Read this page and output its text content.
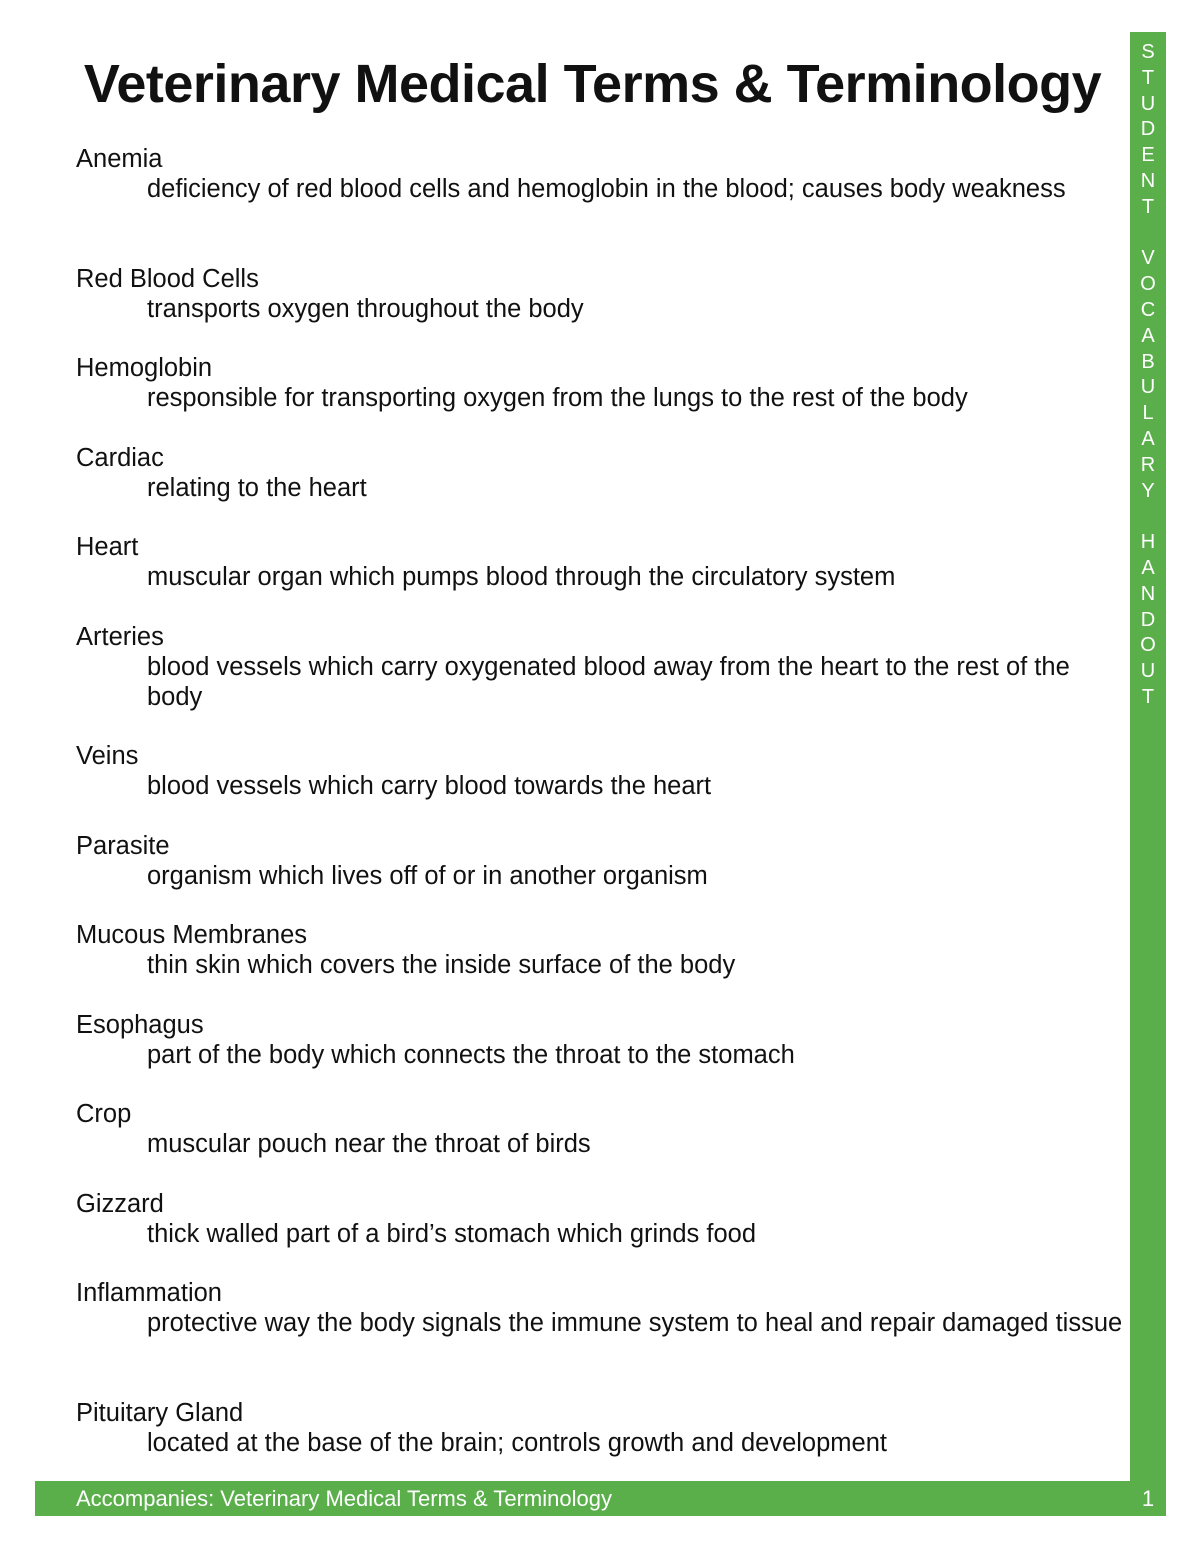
Veterinary Medical Terms & Terminology
Anemia
deficiency of red blood cells and hemoglobin in the blood; causes body weakness
Red Blood Cells
transports oxygen throughout the body
Hemoglobin
responsible for transporting oxygen from the lungs to the rest of the body
Cardiac
relating to the heart
Heart
muscular organ which pumps blood through the circulatory system
Arteries
blood vessels which carry oxygenated blood away from the heart to the rest of the body
Veins
blood vessels which carry blood towards the heart
Parasite
organism which lives off of or in another organism
Mucous Membranes
thin skin which covers the inside surface of the body
Esophagus
part of the body which connects the throat to the stomach
Crop
muscular pouch near the throat of birds
Gizzard
thick walled part of a bird’s stomach which grinds food
Inflammation
protective way the body signals the immune system to heal and repair damaged tissue
Pituitary Gland
located at the base of the brain; controls growth and development
S
T
U
D
E
N
T

V
O
C
A
B
U
L
A
R
Y

H
A
N
D
O
U
T
Accompanies: Veterinary Medical Terms & Terminology	1
